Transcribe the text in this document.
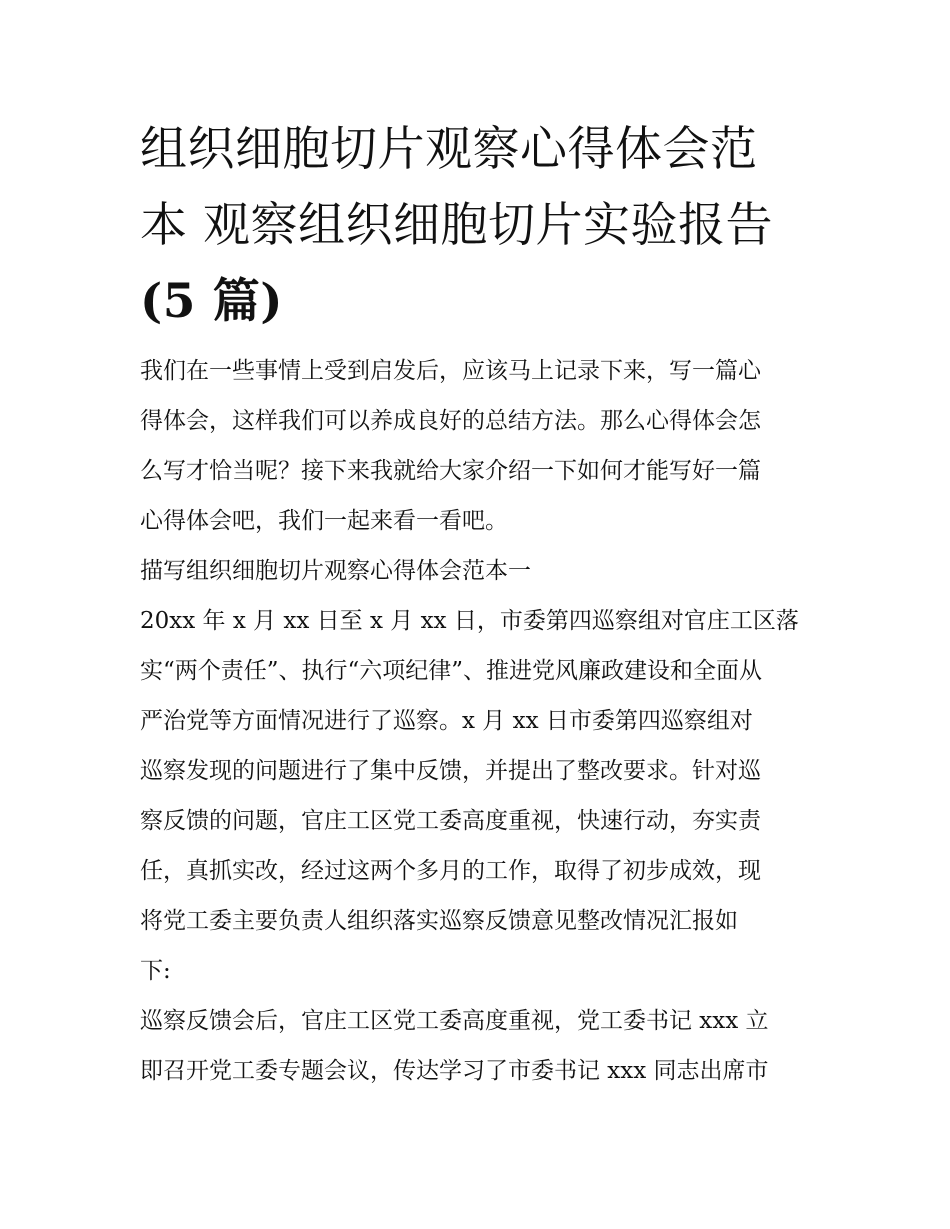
组织细胞切片观察心得体会范
本 观察组织细胞切片实验报告
(5 篇)
我们在一些事情上受到启发后，应该马上记录下来，写一篇心
得体会，这样我们可以养成良好的总结方法。那么心得体会怎
么写才恰当呢？接下来我就给大家介绍一下如何才能写好一篇
心得体会吧，我们一起来看一看吧。
描写组织细胞切片观察心得体会范本一
20xx 年 x 月 xx 日至 x 月 xx 日，市委第四巡察组对官庄工区落
实“两个责任”、执行“六项纪律”、推进党风廉政建设和全面从
严治党等方面情况进行了巡察。x 月 xx 日市委第四巡察组对
巡察发现的问题进行了集中反馈，并提出了整改要求。针对巡
察反馈的问题，官庄工区党工委高度重视，快速行动，夯实责
任，真抓实改，经过这两个多月的工作，取得了初步成效，现
将党工委主要负责人组织落实巡察反馈意见整改情况汇报如
下:
巡察反馈会后，官庄工区党工委高度重视，党工委书记 xxx 立
即召开党工委专题会议，传达学习了市委书记 xxx 同志出席市
